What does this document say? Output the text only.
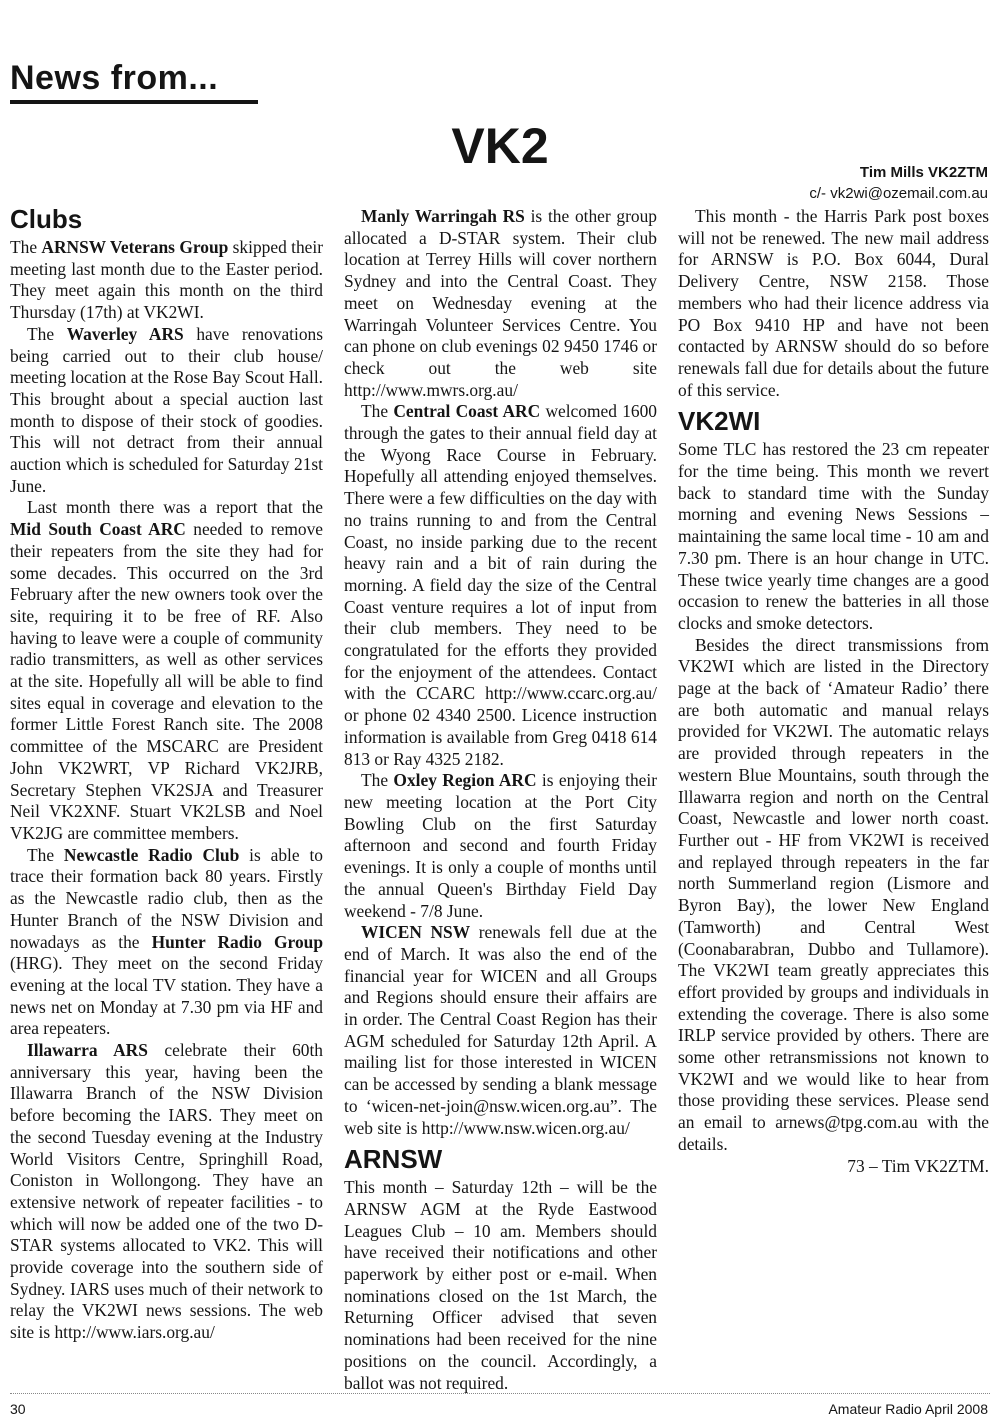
News from...
VK2	Tim Mills VK2ZTM
c/- vk2wi@ozemail.com.au
Clubs

The ARNSW Veterans Group skipped their meeting last month due to the Easter period. They meet again this month on the third Thursday (17th) at VK2WI.

The Waverley ARS have renovations being carried out to their club house/ meeting location at the Rose Bay Scout Hall. This brought about a special auction last month to dispose of their stock of goodies. This will not detract from their annual auction which is scheduled for Saturday 21st June.

Last month there was a report that the Mid South Coast ARC needed to remove their repeaters from the site they had for some decades. This occurred on the 3rd February after the new owners took over the site, requiring it to be free of RF. Also having to leave were a couple of community radio transmitters, as well as other services at the site. Hopefully all will be able to find sites equal in coverage and elevation to the former Little Forest Ranch site. The 2008 committee of the MSCARC are President John VK2WRT, VP Richard VK2JRB, Secretary Stephen VK2SJA and Treasurer Neil VK2XNF. Stuart VK2LSB and Noel VK2JG are committee members.

The Newcastle Radio Club is able to trace their formation back 80 years. Firstly as the Newcastle radio club, then as the Hunter Branch of the NSW Division and nowadays as the Hunter Radio Group (HRG). They meet on the second Friday evening at the local TV station. They have a news net on Monday at 7.30 pm via HF and area repeaters.

Illawarra ARS celebrate their 60th anniversary this year, having been the Illawarra Branch of the NSW Division before becoming the IARS. They meet on the second Tuesday evening at the Industry World Visitors Centre, Springhill Road, Coniston in Wollongong. They have an extensive network of repeater facilities - to which will now be added one of the two D-STAR systems allocated to VK2. This will provide coverage into the southern side of Sydney. IARS uses much of their network to relay the VK2WI news sessions. The web site is http://www.iars.org.au/

Manly Warringah RS is the other group allocated a D-STAR system. Their club location at Terrey Hills will cover northern Sydney and into the Central Coast. They meet on Wednesday evening at the Warringah Volunteer Services Centre. You can phone on club evenings 02 9450 1746 or check out the web site http://www.mwrs.org.au/

The Central Coast ARC welcomed 1600 through the gates to their annual field day at the Wyong Race Course in February. Hopefully all attending enjoyed themselves. There were a few difficulties on the day with no trains running to and from the Central Coast, no inside parking due to the recent heavy rain and a bit of rain during the morning. A field day the size of the Central Coast venture requires a lot of input from their club members. They need to be congratulated for the efforts they provided for the enjoyment of the attendees. Contact with the CCARC http://www.ccarc.org.au/ or phone 02 4340 2500. Licence instruction information is available from Greg 0418 614 813 or Ray 4325 2182.

The Oxley Region ARC is enjoying their new meeting location at the Port City Bowling Club on the first Saturday afternoon and second and fourth Friday evenings. It is only a couple of months until the annual Queen's Birthday Field Day weekend - 7/8 June.

WICEN NSW renewals fell due at the end of March. It was also the end of the financial year for WICEN and all Groups and Regions should ensure their affairs are in order. The Central Coast Region has their AGM scheduled for Saturday 12th April. A mailing list for those interested in WICEN can be accessed by sending a blank message to ‘wicen-net-join@nsw.wicen.org.au”. The web site is http://www.nsw.wicen.org.au/

ARNSW

This month – Saturday 12th – will be the ARNSW AGM at the Ryde Eastwood Leagues Club – 10 am. Members should have received their notifications and other paperwork by either post or e-mail. When nominations closed on the 1st March, the Returning Officer advised that seven nominations had been received for the nine positions on the council. Accordingly, a ballot was not required.

This month - the Harris Park post boxes will not be renewed. The new mail address for ARNSW is P.O. Box 6044, Dural Delivery Centre, NSW 2158. Those members who had their licence address via PO Box 9410 HP and have not been contacted by ARNSW should do so before renewals fall due for details about the future of this service.

VK2WI

Some TLC has restored the 23 cm repeater for the time being. This month we revert back to standard time with the Sunday morning and evening News Sessions – maintaining the same local time - 10 am and 7.30 pm. There is an hour change in UTC. These twice yearly time changes are a good occasion to renew the batteries in all those clocks and smoke detectors.

Besides the direct transmissions from VK2WI which are listed in the Directory page at the back of ‘Amateur Radio’ there are both automatic and manual relays provided for VK2WI. The automatic relays are provided through repeaters in the western Blue Mountains, south through the Illawarra region and north on the Central Coast, Newcastle and lower north coast. Further out - HF from VK2WI is received and replayed through repeaters in the far north Summerland region (Lismore and Byron Bay), the lower New England (Tamworth) and Central West (Coonabarabran, Dubbo and Tullamore). The VK2WI team greatly appreciates this effort provided by groups and individuals in extending the coverage. There is also some IRLP service provided by others. There are some other retransmissions not known to VK2WI and we would like to hear from those providing these services. Please send an email to arnews@tpg.com.au with the details.

73 – Tim VK2ZTM.

30	Amateur Radio April 2008
